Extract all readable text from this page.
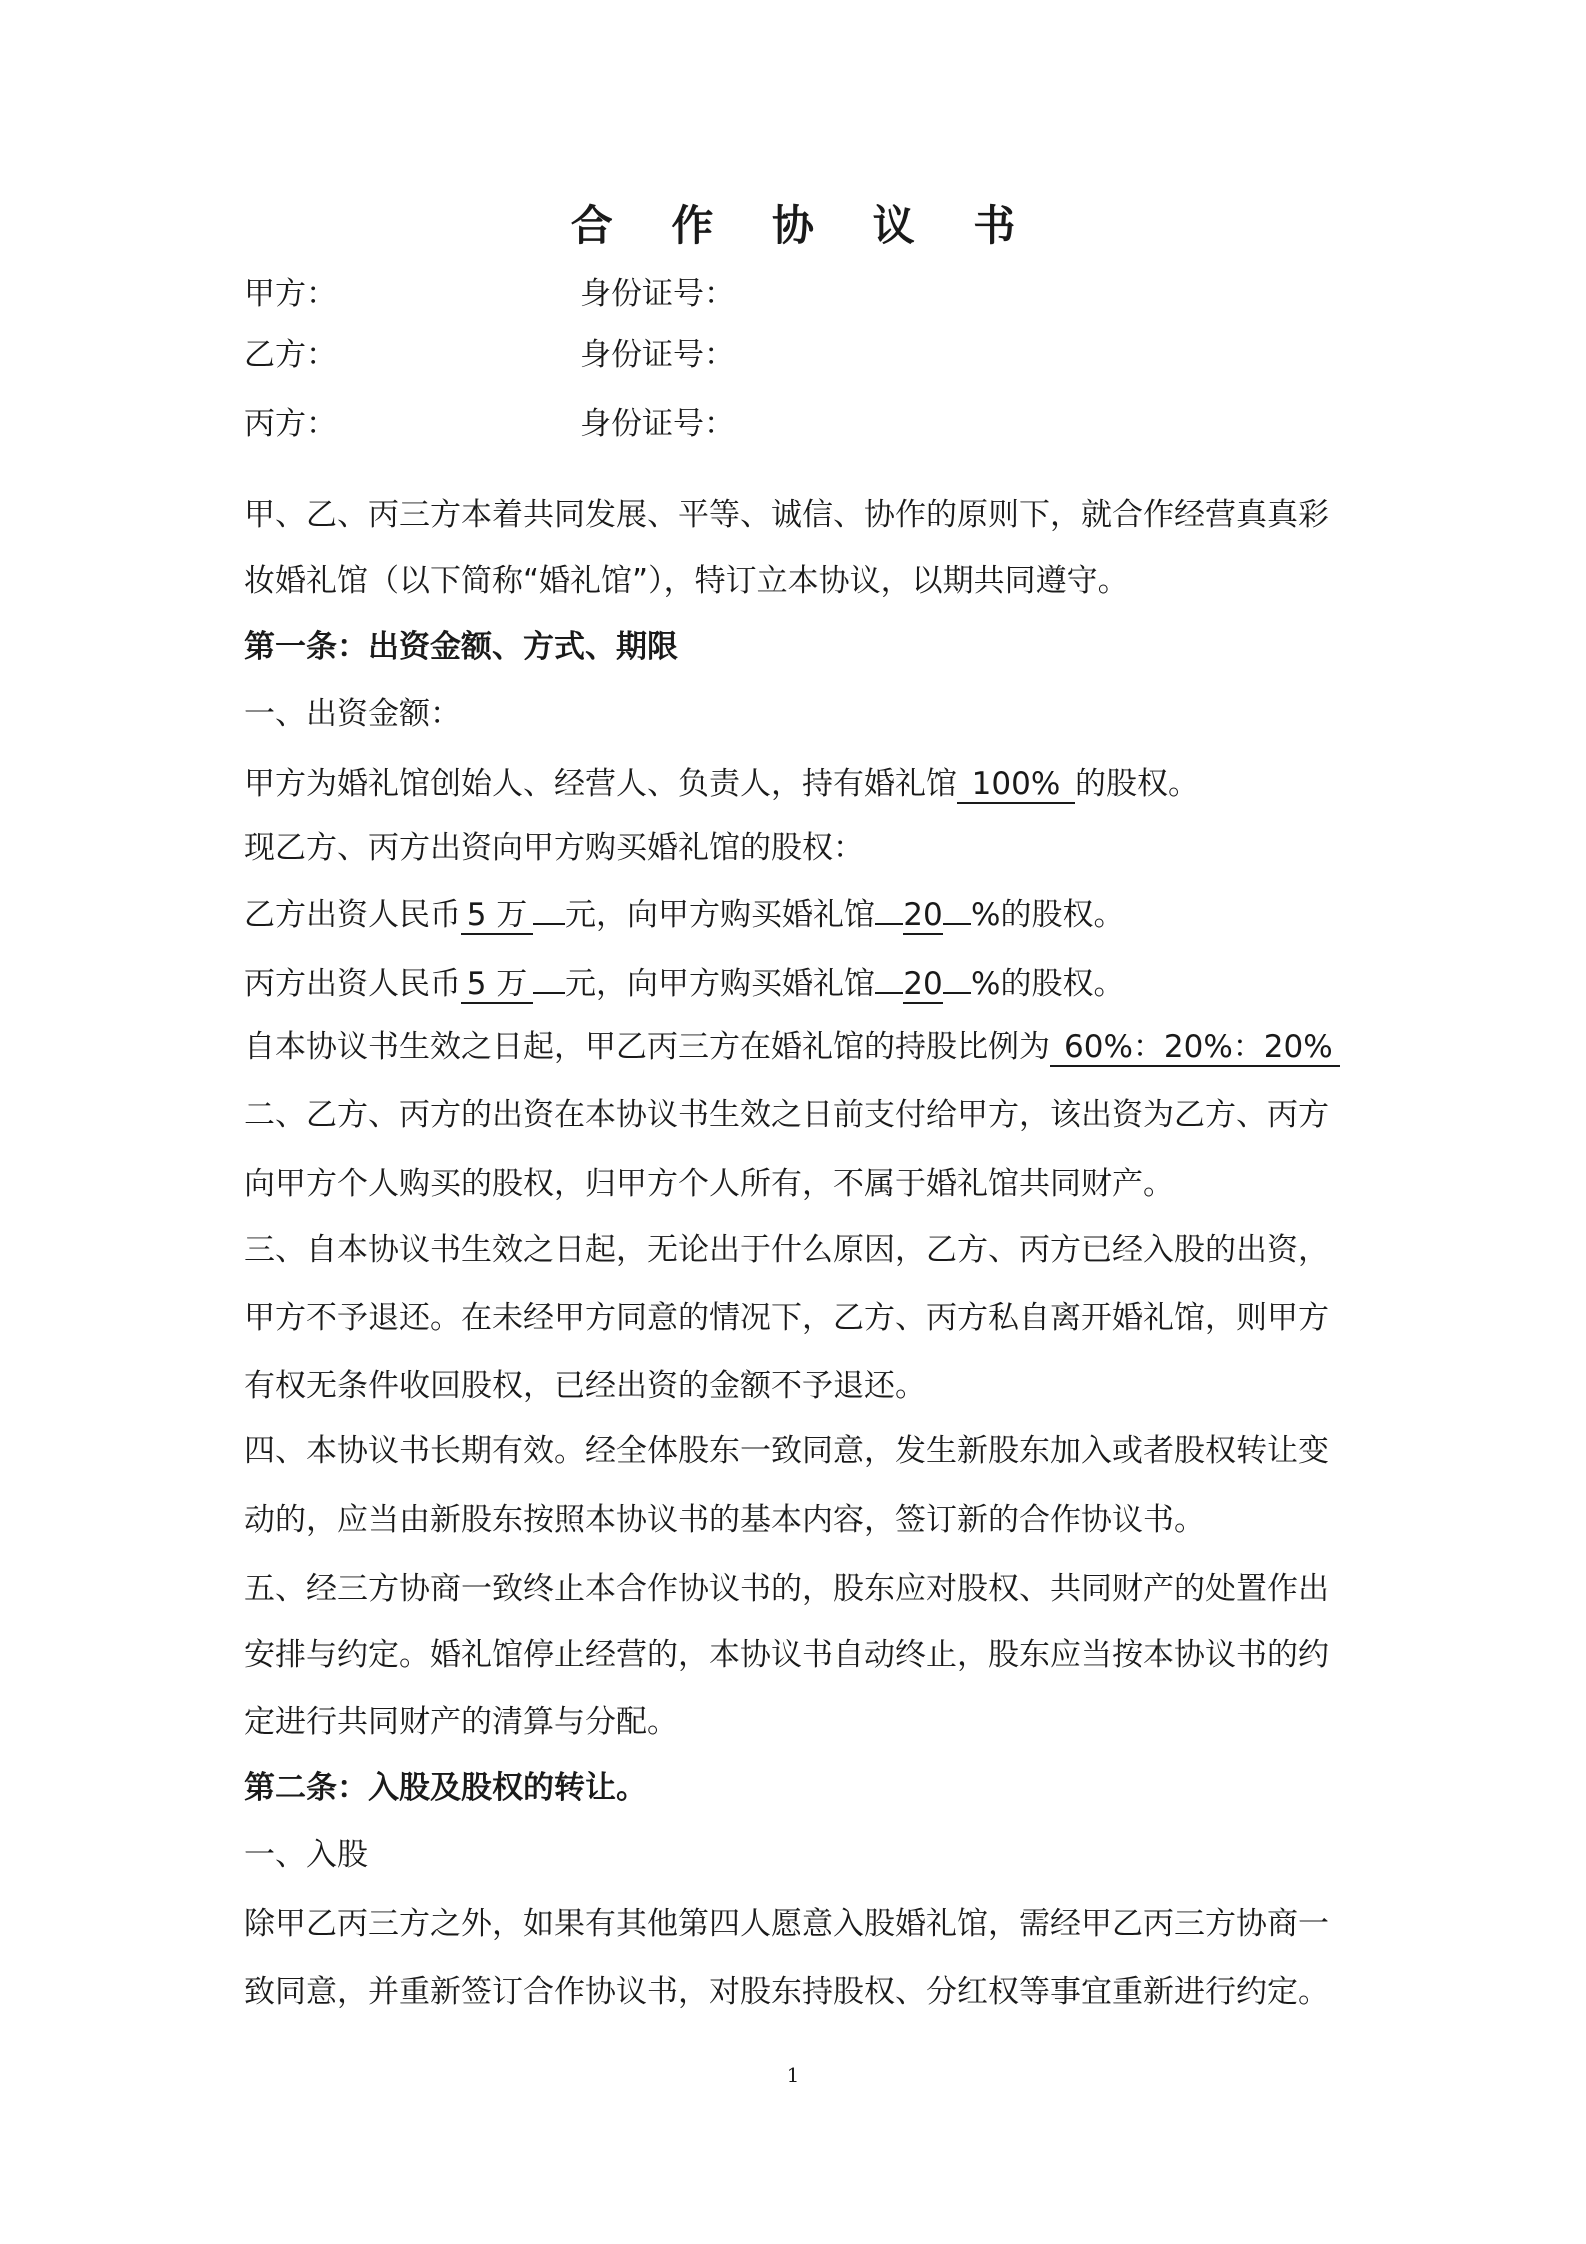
合 作 协 议 书
甲方：	身份证号：
乙方：	身份证号：
丙方：	身份证号：
甲、乙、丙三方本着共同发展、平等、诚信、协作的原则下，就合作经营真真彩
妆婚礼馆（以下简称“婚礼馆”），特订立本协议，以期共同遵守。
第一条：出资金额、方式、期限
一、出资金额：
甲方为婚礼馆创始人、经营人、负责人，持有婚礼馆 100% 的股权。
现乙方、丙方出资向甲方购买婚礼馆的股权：
乙方出资人民币 5 万 元，向甲方购买婚礼馆 20 %的股权。
丙方出资人民币 5 万 元，向甲方购买婚礼馆 20 %的股权。
自本协议书生效之日起，甲乙丙三方在婚礼馆的持股比例为 60%：20%：20%
二、乙方、丙方的出资在本协议书生效之日前支付给甲方，该出资为乙方、丙方
向甲方个人购买的股权，归甲方个人所有，不属于婚礼馆共同财产。
三、自本协议书生效之日起，无论出于什么原因，乙方、丙方已经入股的出资，
甲方不予退还。在未经甲方同意的情况下，乙方、丙方私自离开婚礼馆，则甲方
有权无条件收回股权，已经出资的金额不予退还。
四、本协议书长期有效。经全体股东一致同意，发生新股东加入或者股权转让变
动的，应当由新股东按照本协议书的基本内容，签订新的合作协议书。
五、经三方协商一致终止本合作协议书的，股东应对股权、共同财产的处置作出
安排与约定。婚礼馆停止经营的，本协议书自动终止，股东应当按本协议书的约
定进行共同财产的清算与分配。
第二条：入股及股权的转让。
一、入股
除甲乙丙三方之外，如果有其他第四人愿意入股婚礼馆，需经甲乙丙三方协商一
致同意，并重新签订合作协议书，对股东持股权、分红权等事宜重新进行约定。
1
